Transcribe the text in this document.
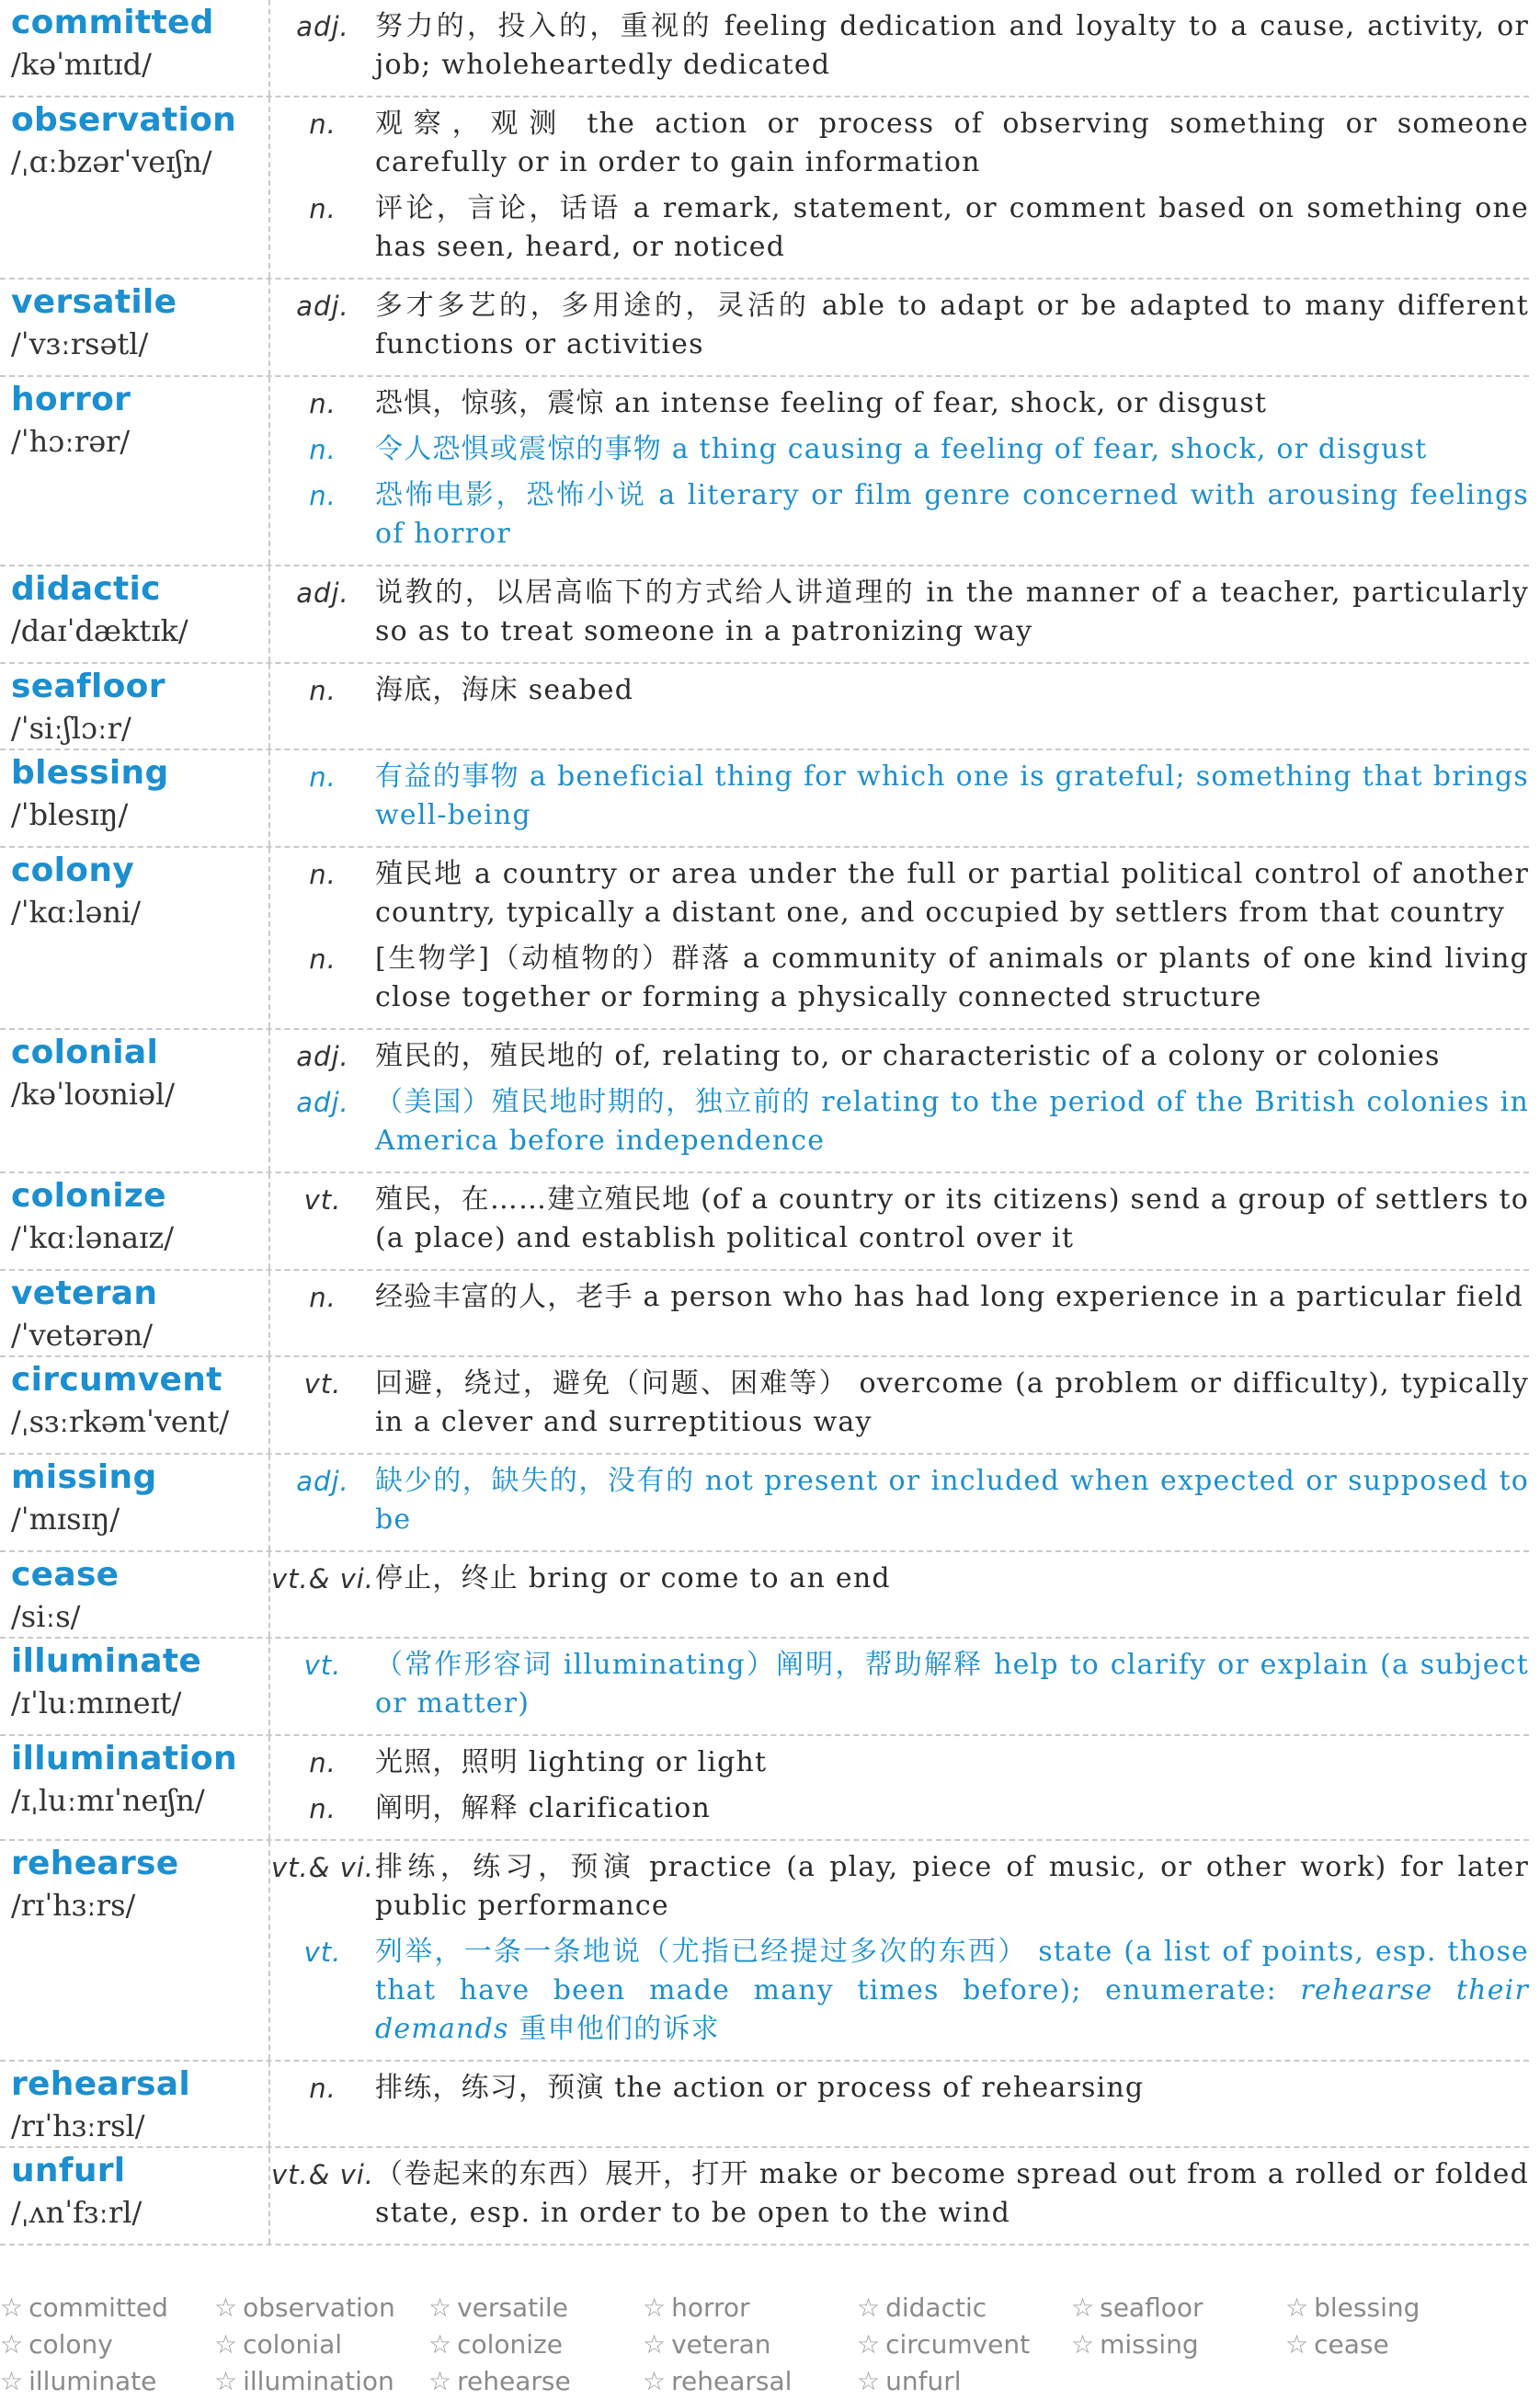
committed
/kəˈmɪtɪd/
adj. 努力的，投入的，重视的 feeling dedication and loyalty to a cause, activity, or job; wholeheartedly dedicated
observation
/ˌɑːbzərˈveɪʃn/
n.	观察，观测 the action or process of observing something or someone carefully or in order to gain information
n.	评论，言论，话语 a remark, statement, or comment based on something one has seen, heard, or noticed
versatile
/ˈvɜːrsətl/
adj. 多才多艺的，多用途的，灵活的 able to adapt or be adapted to many different functions or activities
horror
/ˈhɔːrər/
n.	恐惧，惊骇，震惊 an intense feeling of fear, shock, or disgust
n.	令人恐惧或震惊的事物 a thing causing a feeling of fear, shock, or disgust
n.	恐怖电影，恐怖小说 a literary or film genre concerned with arousing feelings of horror
didactic
/daɪˈdæktɪk/
adj. 说教的，以居高临下的方式给人讲道理的 in the manner of a teacher, particularly so as to treat someone in a patronizing way
seafloor
/ˈsiːʃlɔːr/
n.	海底，海床 seabed
blessing
/ˈblesɪŋ/
n.	有益的事物 a beneficial thing for which one is grateful; something that brings well-being
colony
/ˈkɑːləni/
n.	殖民地 a country or area under the full or partial political control of another country, typically a distant one, and occupied by settlers from that country
n.	[生物学]（动植物的）群落 a community of animals or plants of one kind living close together or forming a physically connected structure
colonial
/kəˈloʊniəl/
adj. 殖民的，殖民地的 of, relating to, or characteristic of a colony or colonies
adj. （美国）殖民地时期的，独立前的 relating to the period of the British colonies in America before independence
colonize
/ˈkɑːlənaɪz/
vt.	殖民，在……建立殖民地 (of a country or its citizens) send a group of settlers to (a place) and establish political control over it
veteran
/ˈvetərən/
n.	经验丰富的人，老手 a person who has had long experience in a particular field
circumvent
/ˌsɜːrkəmˈvent/
vt.	回避，绕过，避免（问题、困难等） overcome (a problem or difficulty), typically in a clever and surreptitious way
missing
/ˈmɪsɪŋ/
adj. 缺少的，缺失的，没有的 not present or included when expected or supposed to be
cease
/siːs/
vt.& vi. 停止，终止 bring or come to an end
illuminate
/ɪˈluːmɪneɪt/
vt.	（常作形容词 illuminating）阐明，帮助解释 help to clarify or explain (a subject or matter)
illumination
/ɪˌluːmɪˈneɪʃn/
n.	光照，照明 lighting or light
n.	阐明，解释 clarification
rehearse
/rɪˈhɜːrs/
vt.& vi. 排练，练习，预演 practice (a play, piece of music, or other work) for later public performance
vt.	列举，一条一条地说（尤指已经提过多次的东西） state (a list of points, esp. those that have been made many times before); enumerate: rehearse their demands 重申他们的诉求
rehearsal
/rɪˈhɜːrsl/
n.	排练，练习，预演 the action or process of rehearsing
unfurl
/ˌʌnˈfɜːrl/
vt.& vi. （卷起来的东西）展开，打开 make or become spread out from a rolled or folded state, esp. in order to be open to the wind
☆ committed	☆ observation	☆ versatile	☆ horror	☆ didactic	☆ seafloor	☆ blessing
☆ colony	☆ colonial	☆ colonize	☆ veteran	☆ circumvent	☆ missing	☆ cease
☆ illuminate	☆ illumination	☆ rehearse	☆ rehearsal	☆ unfurl
